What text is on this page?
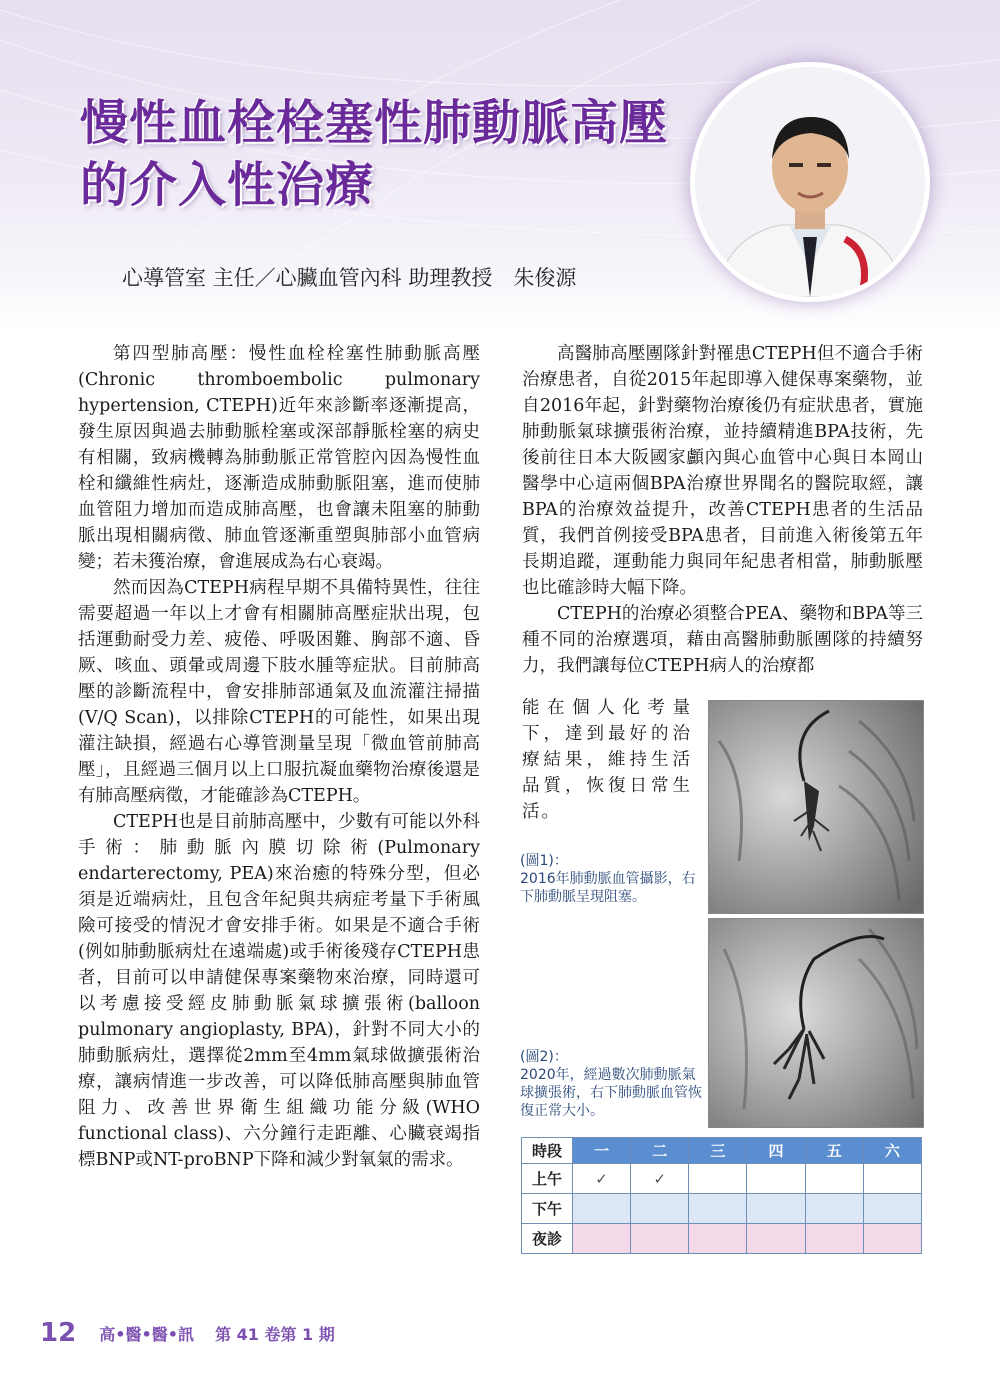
慢性血栓栓塞性肺動脈高壓
的介入性治療
心導管室 主任／心臟血管內科 助理教授　朱俊源

第四型肺高壓：慢性血栓栓塞性肺動脈高壓(Chronic thromboembolic pulmonary hypertension, CTEPH)近年來診斷率逐漸提高，發生原因與過去肺動脈栓塞或深部靜脈栓塞的病史有相關，致病機轉為肺動脈正常管腔內因為慢性血栓和纖維性病灶，逐漸造成肺動脈阻塞，進而使肺血管阻力增加而造成肺高壓，也會讓未阻塞的肺動脈出現相關病徵、肺血管逐漸重塑與肺部小血管病變；若未獲治療，會進展成為右心衰竭。

然而因為CTEPH病程早期不具備特異性，往往需要超過一年以上才會有相關肺高壓症狀出現，包括運動耐受力差、疲倦、呼吸困難、胸部不適、昏厥、咳血、頭暈或周邊下肢水腫等症狀。目前肺高壓的診斷流程中，會安排肺部通氣及血流灌注掃描(V/Q Scan)，以排除CTEPH的可能性，如果出現灌注缺損，經過右心導管測量呈現「微血管前肺高壓」，且經過三個月以上口服抗凝血藥物治療後還是有肺高壓病徵，才能確診為CTEPH。

CTEPH也是目前肺高壓中，少數有可能以外科手術：肺動脈內膜切除術(Pulmonary endarterectomy, PEA)來治癒的特殊分型，但必須是近端病灶，且包含年紀與共病症考量下手術風險可接受的情況才會安排手術。如果是不適合手術(例如肺動脈病灶在遠端處)或手術後殘存CTEPH患者，目前可以申請健保專案藥物來治療，同時還可以考慮接受經皮肺動脈氣球擴張術(balloon pulmonary angioplasty, BPA)，針對不同大小的肺動脈病灶，選擇從2mm至4mm氣球做擴張術治療，讓病情進一步改善，可以降低肺高壓與肺血管阻力、改善世界衛生組織功能分級(WHO functional class)、六分鐘行走距離、心臟衰竭指標BNP或NT-proBNP下降和減少對氧氣的需求。

高醫肺高壓團隊針對罹患CTEPH但不適合手術治療患者，自從2015年起即導入健保專案藥物，並自2016年起，針對藥物治療後仍有症狀患者，實施肺動脈氣球擴張術治療，並持續精進BPA技術，先後前往日本大阪國家顱內與心血管中心與日本岡山醫學中心這兩個BPA治療世界聞名的醫院取經，讓BPA的治療效益提升，改善CTEPH患者的生活品質，我們首例接受BPA患者，目前進入術後第五年長期追蹤，運動能力與同年紀患者相當，肺動脈壓也比確診時大幅下降。

CTEPH的治療必須整合PEA、藥物和BPA等三種不同的治療選項，藉由高醫肺動脈團隊的持續努力，我們讓每位CTEPH病人的治療都

能在個人化考量下，達到最好的治療結果，維持生活品質，恢復日常生活。

(圖1)：
2016年肺動脈血管攝影，右下肺動脈呈現阻塞。
(圖2)：
2020年，經過數次肺動脈氣球擴張術，右下肺動脈血管恢復正常大小。
時段	一	二	三	四	五	六
上午	✓	✓				
下午						
夜診						
12 高•醫•醫•訊 第 41 卷第 1 期
